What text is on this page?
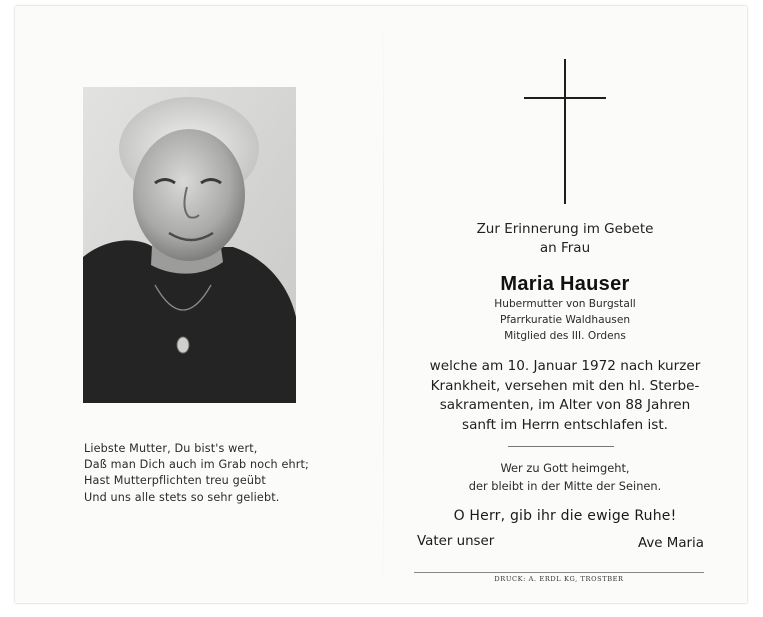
Liebste Mutter, Du bist's wert,
Daß man Dich auch im Grab noch ehrt;
Hast Mutterpflichten treu geübt
Und uns alle stets so sehr geliebt.
Zur Erinnerung im Gebete
an Frau
Maria Hauser
Hubermutter von Burgstall
Pfarrkuratie Waldhausen
Mitglied des III. Ordens
welche am 10. Januar 1972 nach kurzer
Krankheit, versehen mit den hl. Sterbe-
sakramenten, im Alter von 88 Jahren
sanft im Herrn entschlafen ist.
Wer zu Gott heimgeht,
der bleibt in der Mitte der Seinen.
O Herr, gib ihr die ewige Ruhe!
Vater unser	Ave Maria
DRUCK: A. ERDL KG, TROSTBER
